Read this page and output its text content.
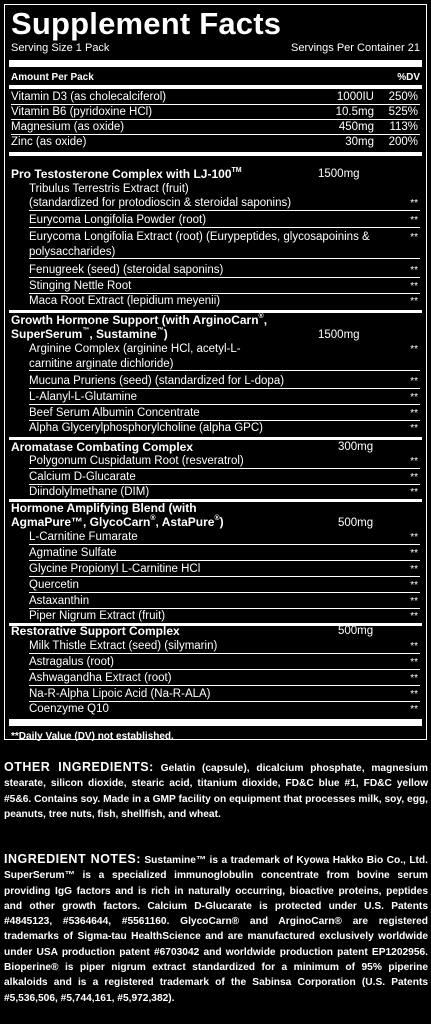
Supplement Facts
Serving Size 1 Pack	Servings Per Container 21
Amount Per Pack	%DV
Vitamin D3 (as cholecalciferol)	1000IU 250%
Vitamin B6 (pyridoxine HCl)	10.5mg 525%
Magnesium (as oxide)	450mg 113%
Zinc (as oxide)	30mg 200%
Pro Testosterone Complex with LJ-100™	1500mg
Tribulus Terrestris Extract (fruit)
(standardized for protodioscin & steroidal saponins)	**
Eurycoma Longifolia Powder (root)	**
Eurycoma Longifolia Extract (root) (Eurypeptides, glycosapoinins & polysaccharides)
**
Fenugreek (seed) (steroidal saponins)	**
Stinging Nettle Root	**
Maca Root Extract (lepidium meyenii)	**
Growth Hormone Support (with ArginoCarn®,
SuperSerum™, Sustamine™)	1500mg
Arginine Complex (arginine HCl, acetyl-L-carnitine arginate dichloride)
**
Mucuna Pruriens (seed) (standardized for L-dopa)	**
L-Alanyl-L-Glutamine	**
Beef Serum Albumin Concentrate	**
Alpha Glycerylphosphorylcholine (alpha GPC)	**
Aromatase Combating Complex	300mg
Polygonum Cuspidatum Root (resveratrol)	**
Calcium D-Glucarate	**
Diindolylmethane (DIM)	**
Hormone Amplifying Blend (with
AgmaPure™, GlycoCarn®, AstaPure®)	500mg
L-Carnitine Fumarate	**
Agmatine Sulfate	**
Glycine Propionyl L-Carnitine HCl	**
Quercetin	**
Astaxanthin	**
Piper Nigrum Extract (fruit)	**
Restorative Support Complex	500mg
Milk Thistle Extract (seed) (silymarin)	**
Astragalus (root)	**
Ashwagandha Extract (root)	**
Na-R-Alpha Lipoic Acid (Na-R-ALA)	**
Coenzyme Q10	**
**Daily Value (DV) not established.
OTHER INGREDIENTS: Gelatin (capsule), dicalcium phosphate, magnesium stearate, silicon dioxide, stearic acid, titanium dioxide, FD&C blue #1, FD&C yellow #5&6. Contains soy. Made in a GMP facility on equipment that processes milk, soy, egg, peanuts, tree nuts, fish, shellfish, and wheat.
INGREDIENT NOTES: Sustamine™ is a trademark of Kyowa Hakko Bio Co., Ltd. SuperSerum™ is a specialized immunoglobulin concentrate from bovine serum providing IgG factors and is rich in naturally occurring, bioactive proteins, peptides and other growth factors. Calcium D-Glucarate is protected under U.S. Patents #4845123, #5364644, #5561160. GlycoCarn® and ArginoCarn® are registered trademarks of Sigma-tau HealthScience and are manufactured exclusively worldwide under USA production patent #6703042 and worldwide production patent EP1202956. Bioperine® is piper nigrum extract standardized for a minimum of 95% piperine alkaloids and is a registered trademark of the Sabinsa Corporation (U.S. Patents #5,536,506, #5,744,161, #5,972,382).
